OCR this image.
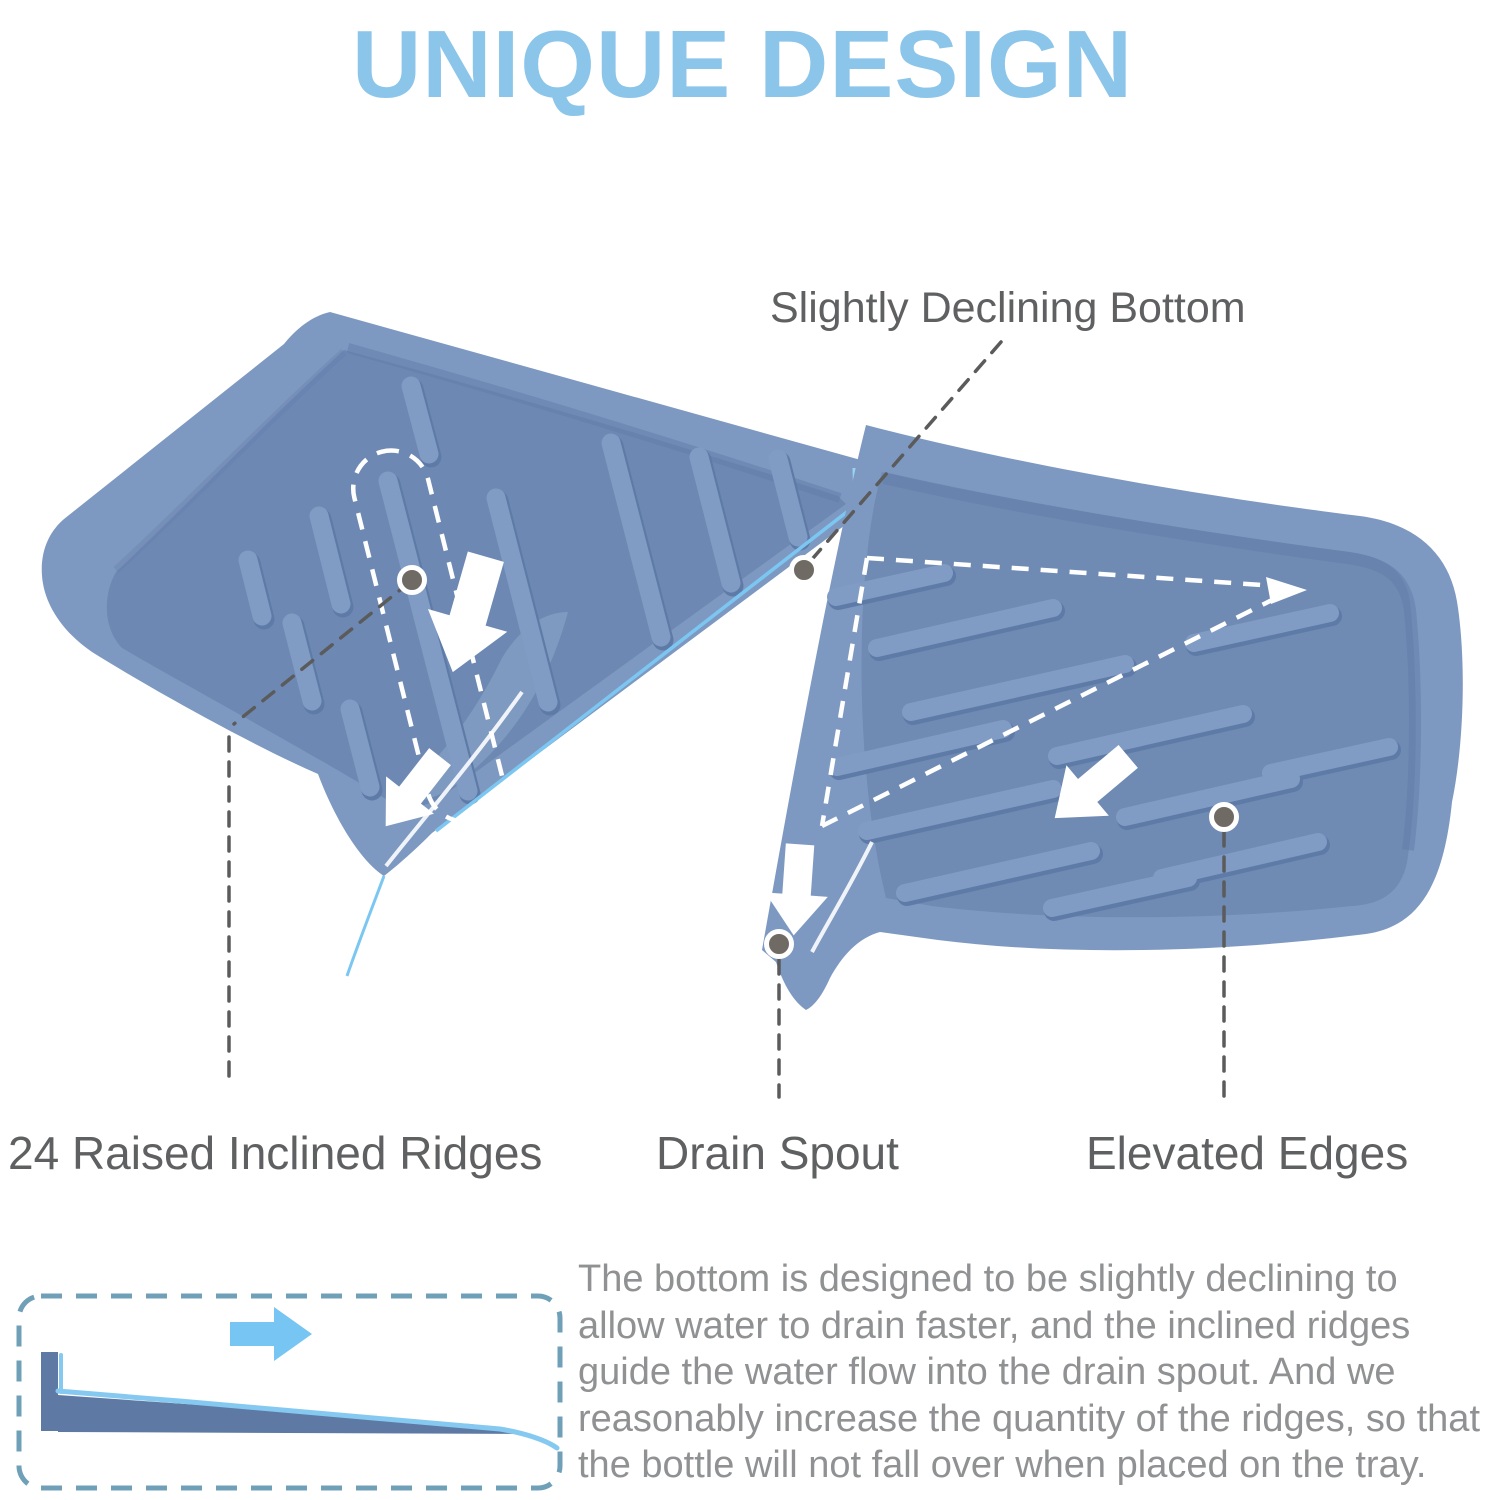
UNIQUE DESIGN
Slightly Declining Bottom
24 Raised Inclined Ridges Drain Spout	Elevated Edges

The bottom is designed to be slightly declining to allow water to drain faster, and the inclined ridges guide the water flow into the drain spout. And we reasonably increase the quantity of the ridges, so that the bottle will not fall over when placed on the tray.
